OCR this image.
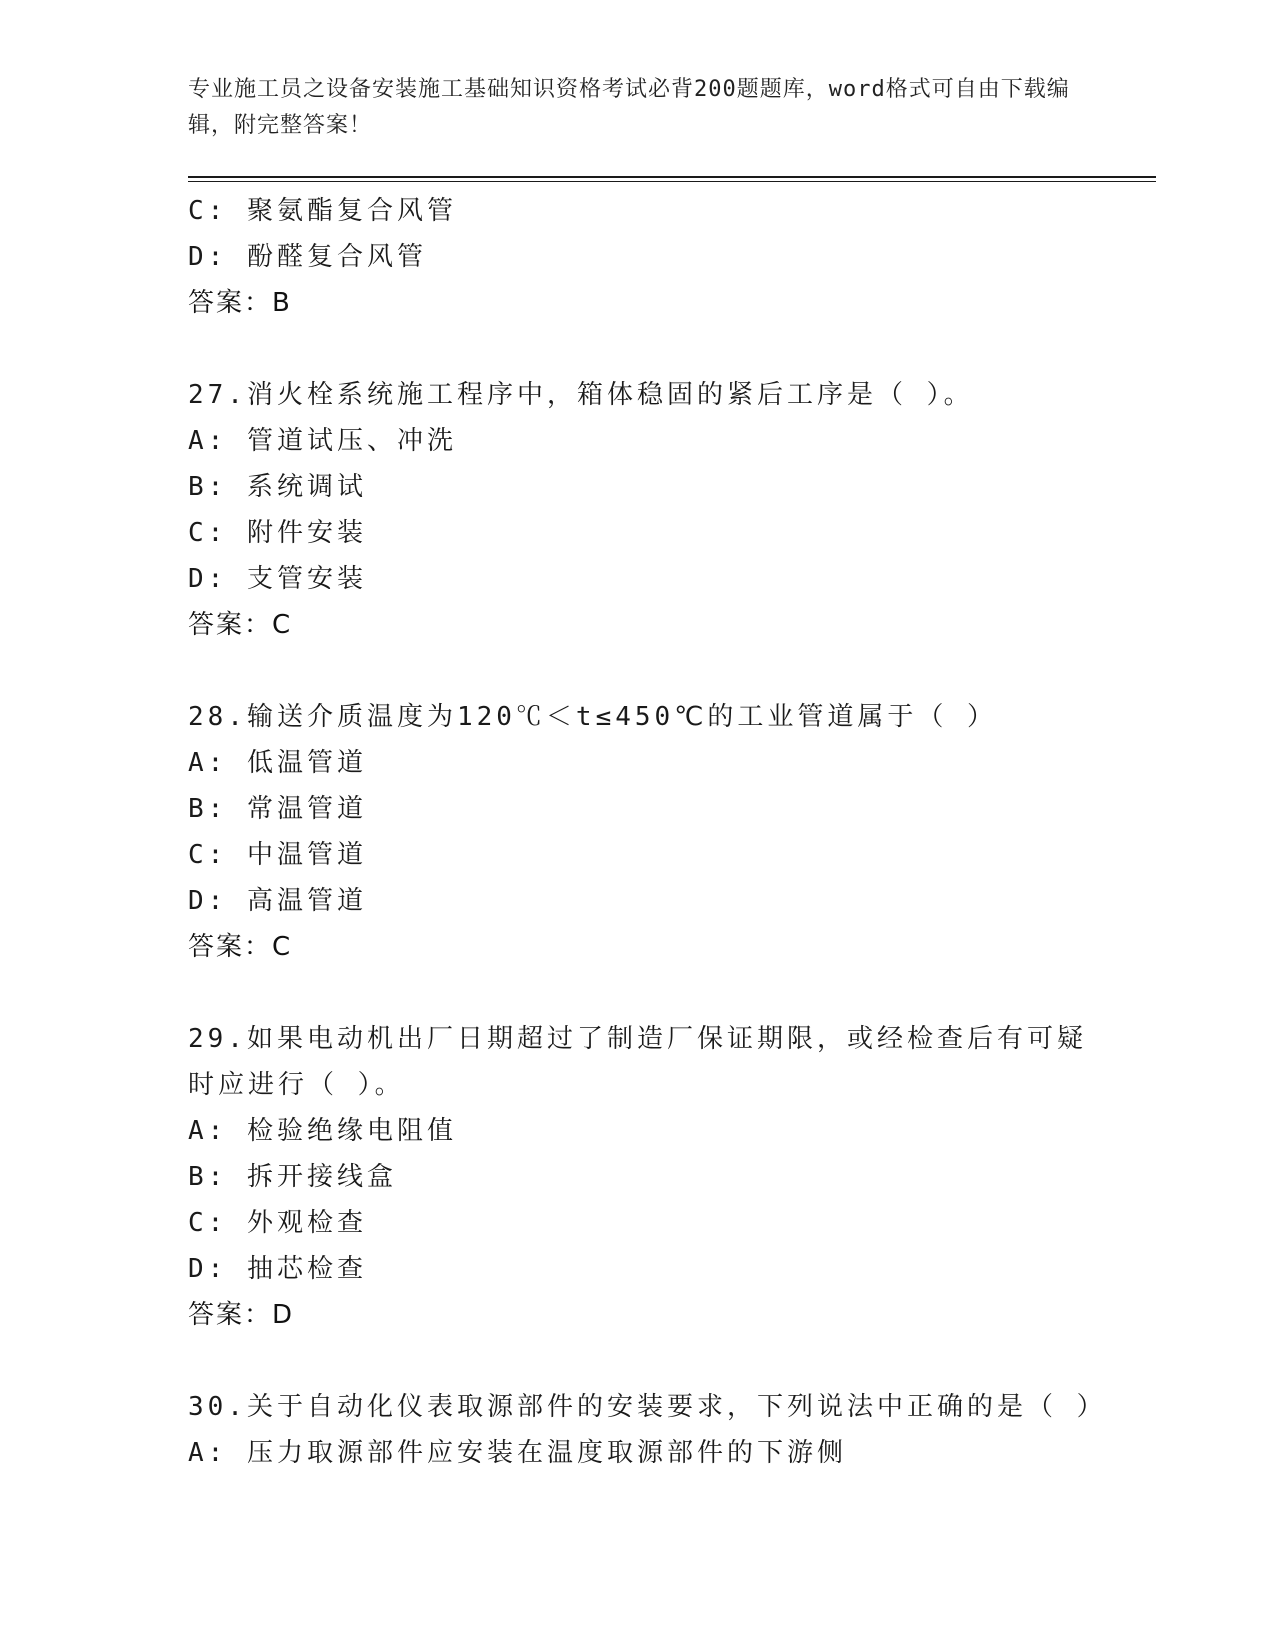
专业施工员之设备安装施工基础知识资格考试必背200题题库，word格式可自由下载编辑，附完整答案！
C: 聚氨酯复合风管
D: 酚醛复合风管
答案：B
27.消火栓系统施工程序中，箱体稳固的紧后工序是（ ）。
A: 管道试压、冲洗
B: 系统调试
C: 附件安装
D: 支管安装
答案：C
28.输送介质温度为120℃＜t≤450℃的工业管道属于（ ）
A: 低温管道
B: 常温管道
C: 中温管道
D: 高温管道
答案：C
29.如果电动机出厂日期超过了制造厂保证期限，或经检查后有可疑时应进行（ ）。
A: 检验绝缘电阻值
B: 拆开接线盒
C: 外观检查
D: 抽芯检查
答案：D
30.关于自动化仪表取源部件的安装要求，下列说法中正确的是（ ）
A: 压力取源部件应安装在温度取源部件的下游侧
